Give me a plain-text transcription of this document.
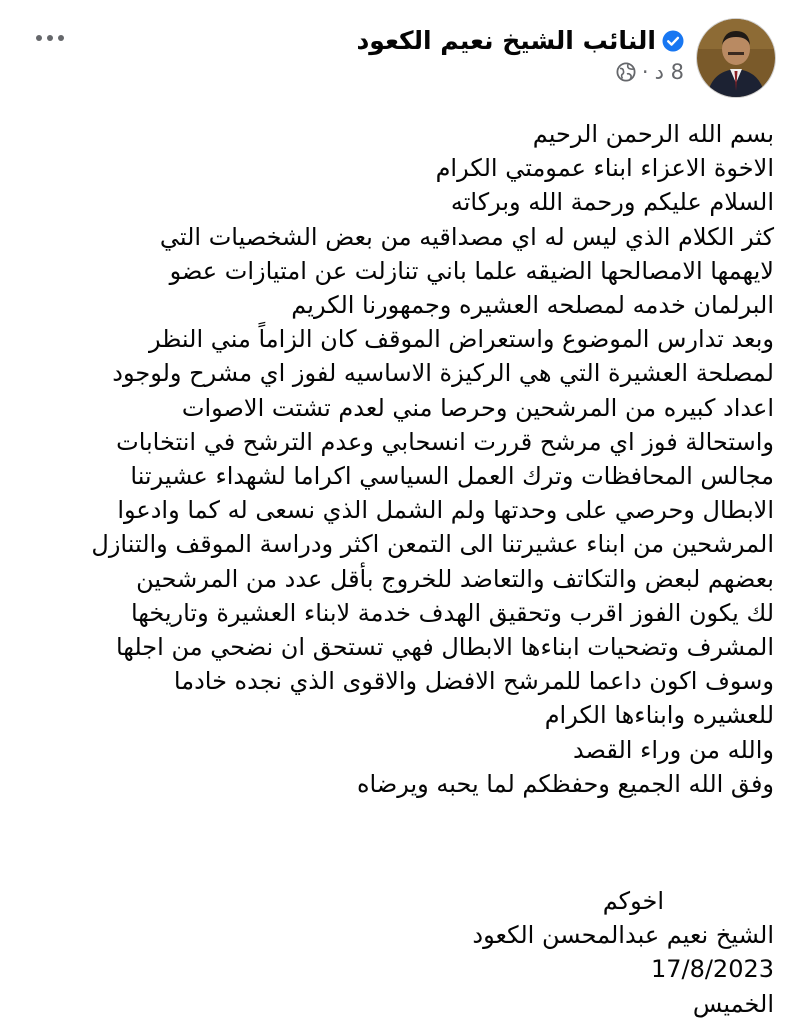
النائب الشيخ نعيم الكعود
8 د
·
بسم الله الرحمن الرحيم
الاخوة الاعزاء ابناء عمومتي الكرام
السلام عليكم ورحمة الله وبركاته
كثر الكلام الذي ليس له اي مصداقيه من بعض الشخصيات التي
لايهمها الامصالحها الضيقه علما باني تنازلت عن امتيازات عضو
البرلمان خدمه لمصلحه العشيره وجمهورنا الكريم
وبعد تدارس الموضوع واستعراض الموقف كان الزاماً مني النظر
لمصلحة العشيرة التي هي الركيزة الاساسيه لفوز اي مشرح ولوجود
اعداد كبيره من المرشحين وحرصا مني لعدم تشتت الاصوات
واستحالة فوز اي مرشح قررت انسحابي وعدم الترشح في انتخابات
مجالس المحافظات وترك العمل السياسي اكراما لشهداء عشيرتنا
الابطال وحرصي على وحدتها ولم الشمل الذي نسعى له كما وادعوا
المرشحين من ابناء عشيرتنا الى التمعن اكثر ودراسة الموقف والتنازل
بعضهم لبعض والتكاتف والتعاضد للخروج بأقل عدد من المرشحين
لك يكون الفوز اقرب وتحقيق الهدف خدمة لابناء العشيرة وتاريخها
المشرف وتضحيات ابناءها الابطال فهي تستحق ان نضحي من اجلها
وسوف اكون داعما للمرشح الافضل والاقوى الذي نجده خادما
للعشيره وابناءها الكرام
والله من وراء القصد
وفق الله الجميع وحفظكم لما يحبه ويرضاه
اخوكم
الشيخ نعيم عبدالمحسن الكعود
17/8/2023
الخميس
